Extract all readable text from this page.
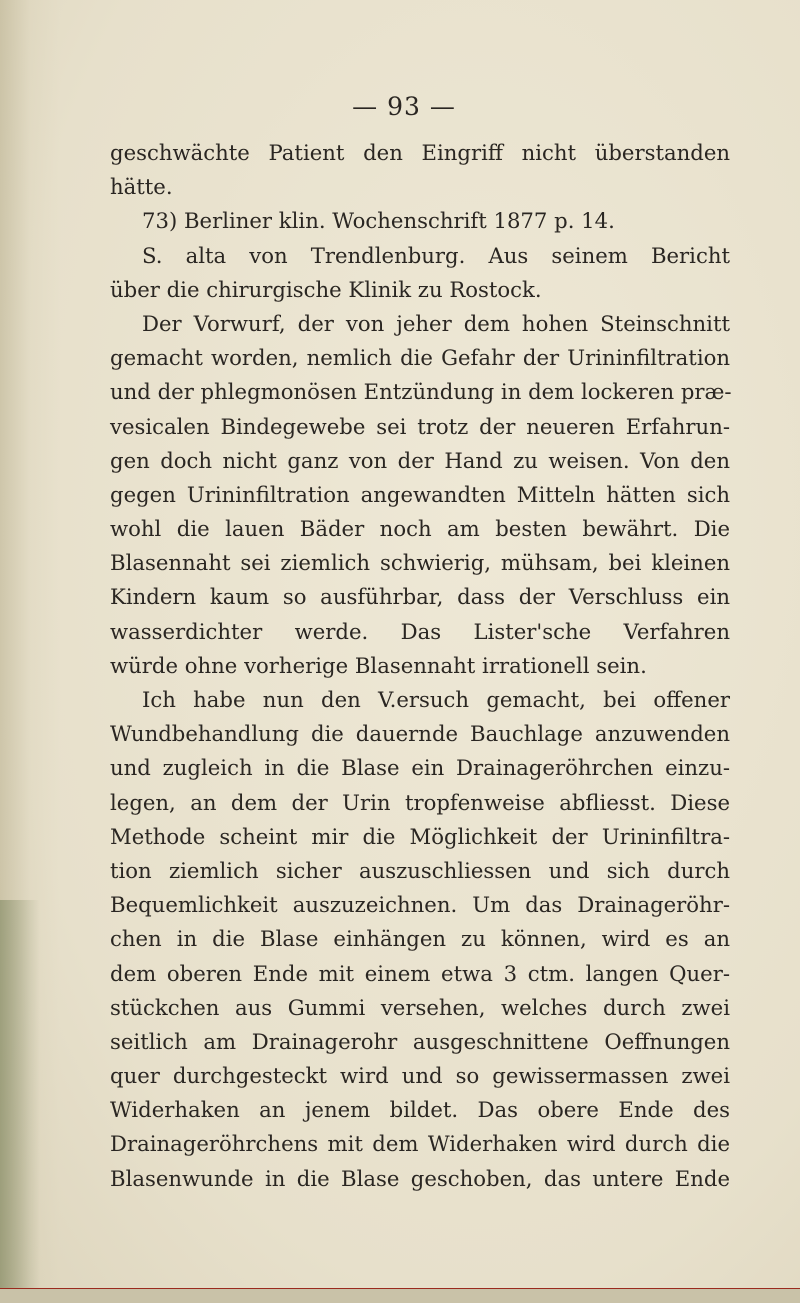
— 93 —
geschwächte Patient den Eingriff nicht überstanden
hätte.
73) Berliner klin. Wochenschrift 1877 p. 14.
S. alta von Trendlenburg. Aus seinem Bericht
über die chirurgische Klinik zu Rostock.
Der Vorwurf, der von jeher dem hohen Steinschnitt
gemacht worden, nemlich die Gefahr der Urininfiltration
und der phlegmonösen Entzündung in dem lockeren præ-
vesicalen Bindegewebe sei trotz der neueren Erfahrun-
gen doch nicht ganz von der Hand zu weisen. Von den
gegen Urininfiltration angewandten Mitteln hätten sich
wohl die lauen Bäder noch am besten bewährt. Die
Blasennaht sei ziemlich schwierig, mühsam, bei kleinen
Kindern kaum so ausführbar, dass der Verschluss ein
wasserdichter werde. Das Lister'sche Verfahren
würde ohne vorherige Blasennaht irrationell sein.
Ich habe nun den V.ersuch gemacht, bei offener
Wundbehandlung die dauernde Bauchlage anzuwenden
und zugleich in die Blase ein Drainageröhrchen einzu-
legen, an dem der Urin tropfenweise abfliesst. Diese
Methode scheint mir die Möglichkeit der Urininfiltra-
tion ziemlich sicher auszuschliessen und sich durch
Bequemlichkeit auszuzeichnen. Um das Drainageröhr-
chen in die Blase einhängen zu können, wird es an
dem oberen Ende mit einem etwa 3 ctm. langen Quer-
stückchen aus Gummi versehen, welches durch zwei
seitlich am Drainagerohr ausgeschnittene Oeffnungen
quer durchgesteckt wird und so gewissermassen zwei
Widerhaken an jenem bildet. Das obere Ende des
Drainageröhrchens mit dem Widerhaken wird durch die
Blasenwunde in die Blase geschoben, das untere Ende
